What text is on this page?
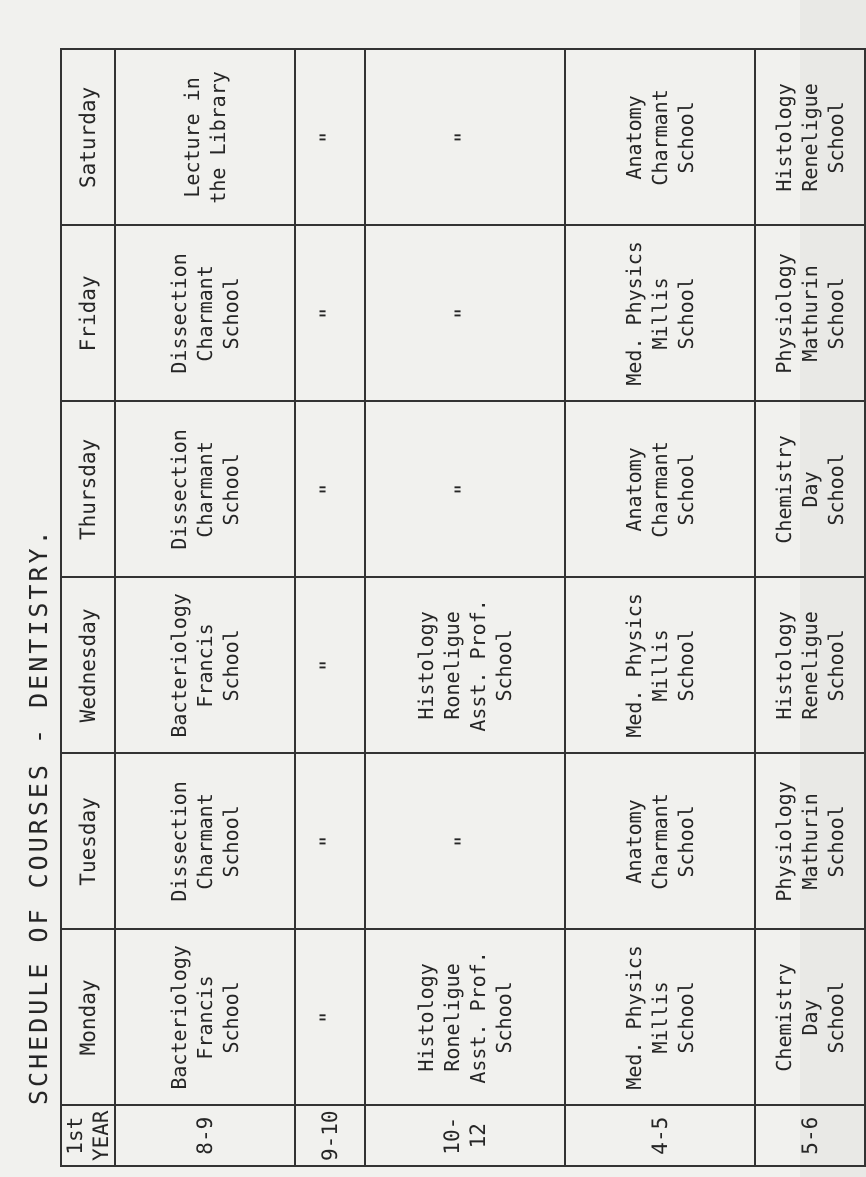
1st YEAR	Monday	Tuesday	Wednesday	Thursday	Friday	Saturday
8-9	Bacteriology Francis School	Dissection Charmant School	Bacteriology Francis School	Dissection Charmant School	Dissection Charmant School	Lecture in the Library

9-10	"	"	"	"	"	"

10-12	Histology Roneligue Asst. Prof. School	"	Histology Roneligue Asst. Prof. School	"	"	"

4-5	Med. Physics Millis School	Anatomy Charmant School	Med. Physics Millis School	Anatomy Charmant School	Med. Physics Millis School	Anatomy Charmant School

5-6	Chemistry Day School	Physiology Mathurin School	Histology Reneligue School	Chemistry Day School	Physiology Mathurin School	Histology Reneligue School
SCHEDULE OF COURSES - DENTISTRY.
